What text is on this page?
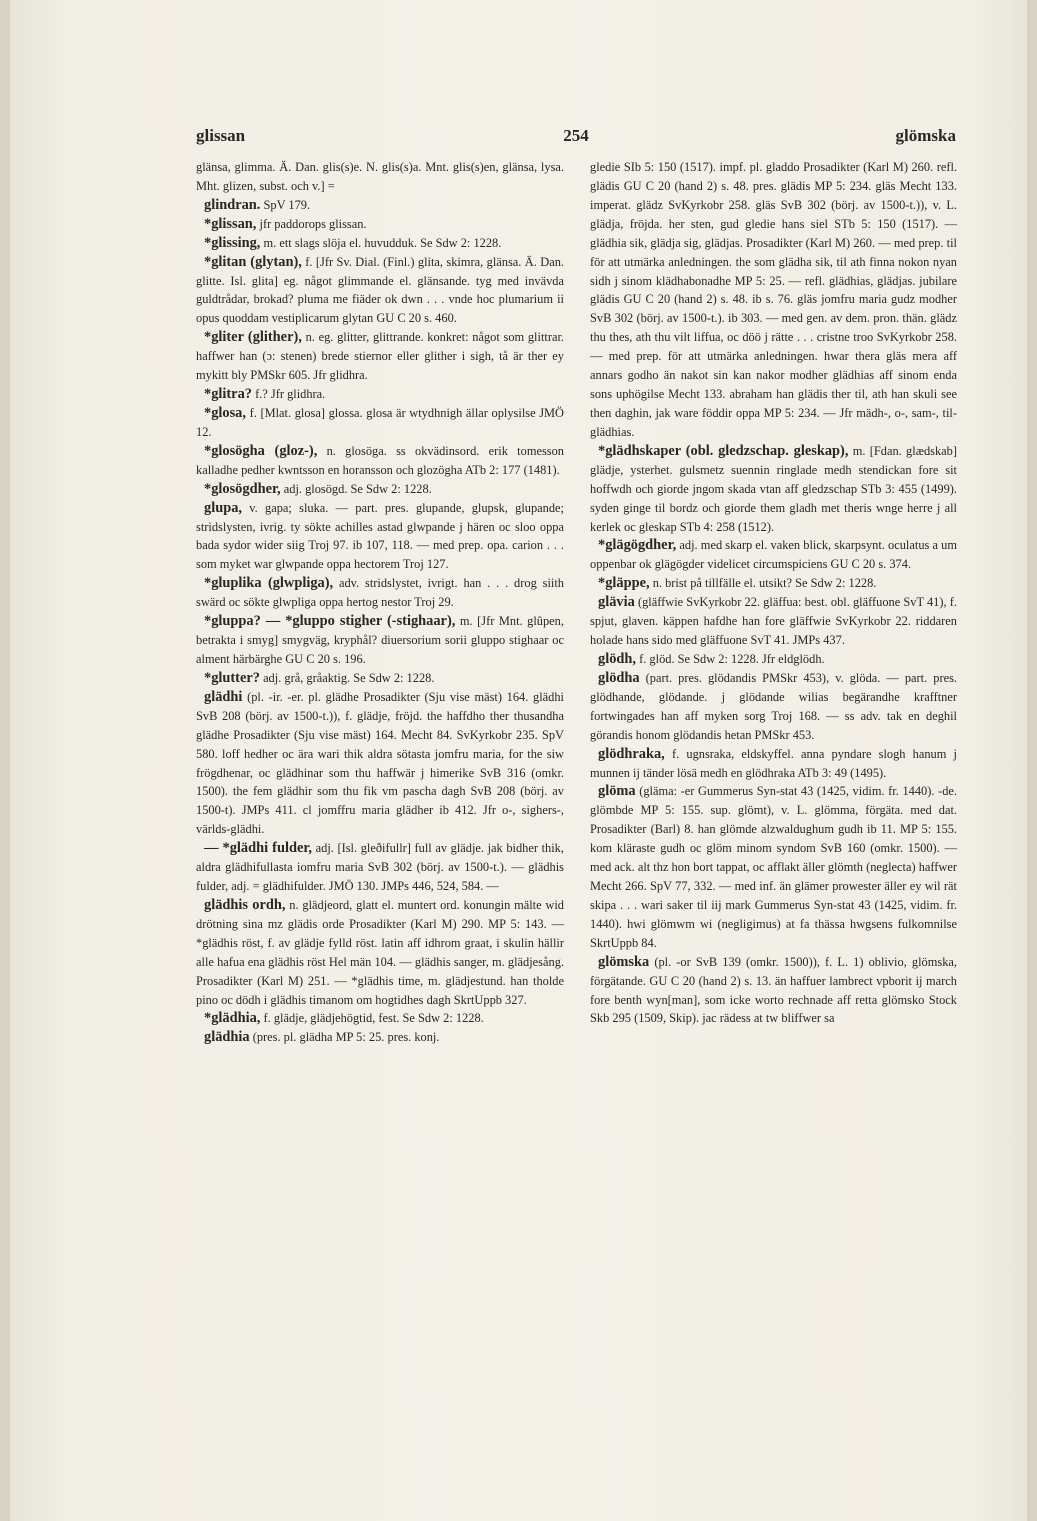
glissan	254	glömska

glänsa, glimma. Ä. Dan. glis(s)e. N. glis(s)a. Mnt. glis(s)en, glänsa, lysa. Mht. glizen, subst. och v.] =

glindran. SpV 179.

*glissan, jfr paddorops glissan.

*glissing, m. ett slags slöja el. huvudduk. Se Sdw 2: 1228.

*glitan (glytan), f. [Jfr Sv. Dial. (Finl.) glita, skimra, glänsa. Ä. Dan. glitte. Isl. glita] eg. något glimmande el. glänsande. tyg med invävda guldtrådar, brokad? pluma me fiäder ok dwn . . . vnde hoc plumarium ii opus quoddam vestiplicarum glytan GU C 20 s. 460.

*gliter (glither), n. eg. glitter, glittrande. konkret: något som glittrar. haffwer han (ɔ: stenen) brede stiernor eller glither i sigh, tå är ther ey mykitt bly PMSkr 605. Jfr glidhra.

*glitra? f.? Jfr glidhra.

*glosa, f. [Mlat. glosa] glossa. glosa är wtydhnigh ällar oplysilse JMÖ 12.

*glosögha (gloz-), n. glosöga. ss okvädinsord. erik tomesson kalladhe pedher kwntsson en horansson och glozögha ATb 2: 177 (1481).

*glosögdher, adj. glosögd. Se Sdw 2: 1228.

glupa, v. gapa; sluka. — part. pres. glupande, glupsk, glupande; stridslysten, ivrig. ty sökte achilles astad glwpande j hären oc sloo oppa bada sydor wider siig Troj 97. ib 107, 118. — med prep. opa. carion . . . som myket war glwpande oppa hectorem Troj 127.

*gluplika (glwpliga), adv. stridslystet, ivrigt. han . . . drog siith swärd oc sökte glwpliga oppa hertog nestor Troj 29.

*gluppa? — *gluppo stigher (-stighaar), m. [Jfr Mnt. glûpen, betrakta i smyg] smygväg, kryphål? diuersorium sorii gluppo stighaar oc alment härbärghe GU C 20 s. 196.

*glutter? adj. grå, gråaktig. Se Sdw 2: 1228.

glädhi (pl. -ir. -er. pl. glädhe Prosadikter (Sju vise mäst) 164. glädhi SvB 208 (börj. av 1500-t.)), f. glädje, fröjd. the haffdho ther thusandha glädhe Prosadikter (Sju vise mäst) 164. Mecht 84. SvKyrkobr 235. SpV 580. loff hedher oc ära wari thik aldra sötasta jomfru maria, for the siw frögdhenar, oc glädhinar som thu haffwär j himerike SvB 316 (omkr. 1500). the fem glädhir som thu fik vm pascha dagh SvB 208 (börj. av 1500-t). JMPs 411. cl jomffru maria glädher ib 412. Jfr o-, sighers-, världs-glädhi.

— *glädhi fulder, adj. [Isl. gleðifullr] full av glädje. jak bidher thik, aldra glädhifullasta iomfru maria SvB 302 (börj. av 1500-t.). — glädhis fulder, adj. = glädhifulder. JMÖ 130. JMPs 446, 524, 584. —

glädhis ordh, n. glädjeord, glatt el. muntert ord. konungin mälte wid drötning sina mz glädis orde Prosadikter (Karl M) 290. MP 5: 143. — *glädhis röst, f. av glädje fylld röst. latin aff idhrom graat, i skulin hällir alle hafua ena glädhis röst Hel män 104. — glädhis sanger, m. glädjesång. Prosadikter (Karl M) 251. — *glädhis time, m. glädjestund. han tholde pino oc dödh i glädhis timanom om hogtidhes dagh SkrtUppb 327.

*glädhia, f. glädje, glädjehögtid, fest. Se Sdw 2: 1228.

glädhia (pres. pl. glädha MP 5: 25. pres. konj.

gledie SIb 5: 150 (1517). impf. pl. gladdo Prosadikter (Karl M) 260. refl. glädis GU C 20 (hand 2) s. 48. pres. glädis MP 5: 234. gläs Mecht 133. imperat. glädz SvKyrkobr 258. gläs SvB 302 (börj. av 1500-t.)), v. L. glädja, fröjda. her sten, gud gledie hans siel STb 5: 150 (1517). — glädhia sik, glädja sig, glädjas. Prosadikter (Karl M) 260. — med prep. til för att utmärka anledningen. the som glädha sik, til ath finna nokon nyan sidh j sinom klädhabonadhe MP 5: 25. — refl. glädhias, glädjas. jubilare glädis GU C 20 (hand 2) s. 48. ib s. 76. gläs jomfru maria gudz modher SvB 302 (börj. av 1500-t.). ib 303. — med gen. av dem. pron. thän. glädz thu thes, ath thu vilt liffua, oc döö j rätte . . . cristne troo SvKyrkobr 258. — med prep. för att utmärka anledningen. hwar thera gläs mera aff annars godho än nakot sin kan nakor modher glädhias aff sinom enda sons uphögilse Mecht 133. abraham han glädis ther til, ath han skuli see then daghin, jak ware föddir oppa MP 5: 234. — Jfr mädh-, o-, sam-, til-glädhias.

*glädhskaper (obl. gledzschap. gleskap), m. [Fdan. glædskab] glädje, ysterhet. gulsmetz suennin ringlade medh stendickan fore sit hoffwdh och giorde jngom skada vtan aff gledzschap STb 3: 455 (1499). syden ginge til bordz och giorde them gladh met theris wnge herre j all kerlek oc gleskap STb 4: 258 (1512).

*glägögdher, adj. med skarp el. vaken blick, skarpsynt. oculatus a um oppenbar ok glägögder videlicet circumspiciens GU C 20 s. 374.

*gläppe, n. brist på tillfälle el. utsikt? Se Sdw 2: 1228.

glävia (gläffwie SvKyrkobr 22. gläffua: best. obl. gläffuone SvT 41), f. spjut, glaven. käppen hafdhe han fore gläffwie SvKyrkobr 22. riddaren holade hans sido med gläffuone SvT 41. JMPs 437.

glödh, f. glöd. Se Sdw 2: 1228. Jfr eldglödh.

glödha (part. pres. glödandis PMSkr 453), v. glöda. — part. pres. glödhande, glödande. j glödande wilias begärandhe krafftner fortwingades han aff myken sorg Troj 168. — ss adv. tak en deghil görandis honom glödandis hetan PMSkr 453.

glödhraka, f. ugnsraka, eldskyffel. anna pyndare slogh hanum j munnen ij tänder lösä medh en glödhraka ATb 3: 49 (1495).

glöma (gläma: -er Gummerus Syn-stat 43 (1425, vidim. fr. 1440). -de. glömbde MP 5: 155. sup. glömt), v. L. glömma, förgäta. med dat. Prosadikter (Barl) 8. han glömde alzwaldughum gudh ib 11. MP 5: 155. kom kläraste gudh oc glöm minom syndom SvB 160 (omkr. 1500). — med ack. alt thz hon bort tappat, oc afflakt äller glömth (neglecta) haffwer Mecht 266. SpV 77, 332. — med inf. än glämer prowester äller ey wil rät skipa . . . wari saker til iij mark Gummerus Syn-stat 43 (1425, vidim. fr. 1440). hwi glömwm wi (negligimus) at fa thässa hwgsens fulkomnilse SkrtUppb 84.

glömska (pl. -or SvB 139 (omkr. 1500)), f. L. 1) oblivio, glömska, förgätande. GU C 20 (hand 2) s. 13. än haffuer lambrect vpborit ij march fore benth wyn[man], som icke worto rechnade aff retta glömsko Stock Skb 295 (1509, Skip). jac rädess at tw bliffwer sa
